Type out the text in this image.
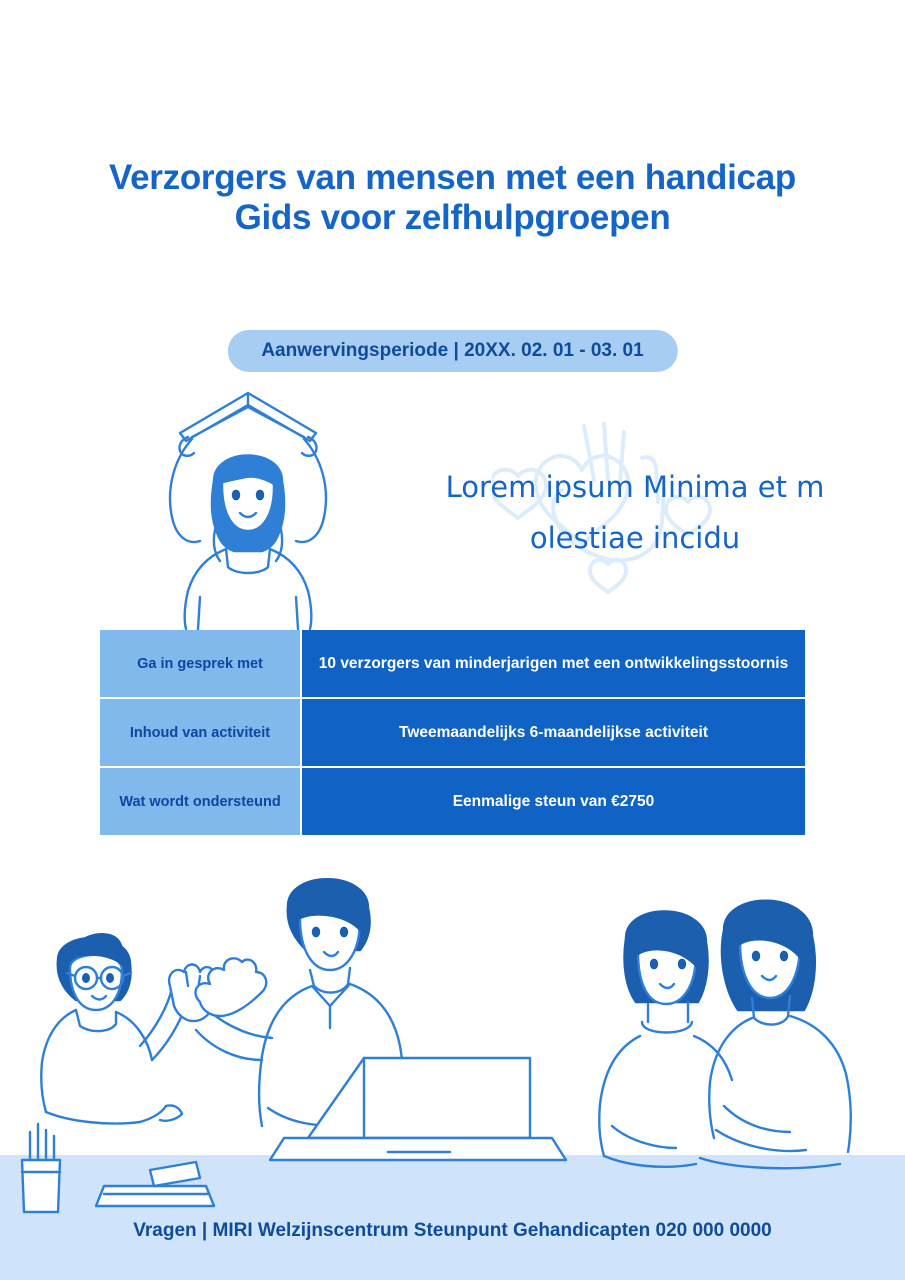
Verzorgers van mensen met een handicap
Gids voor zelfhulpgroepen
Aanwervingsperiode | 20XX. 02. 01 - 03. 01
Lorem ipsum Minima et m
olestiae incidu
Ga in gesprek met	10 verzorgers van minderjarigen met een ontwikkelingsstoornis
Inhoud van activiteit	Tweemaandelijks 6-maandelijkse activiteit
Wat wordt ondersteund	Eenmalige steun van €2750
Vragen | MIRI Welzijnscentrum Steunpunt Gehandicapten 020 000 0000
